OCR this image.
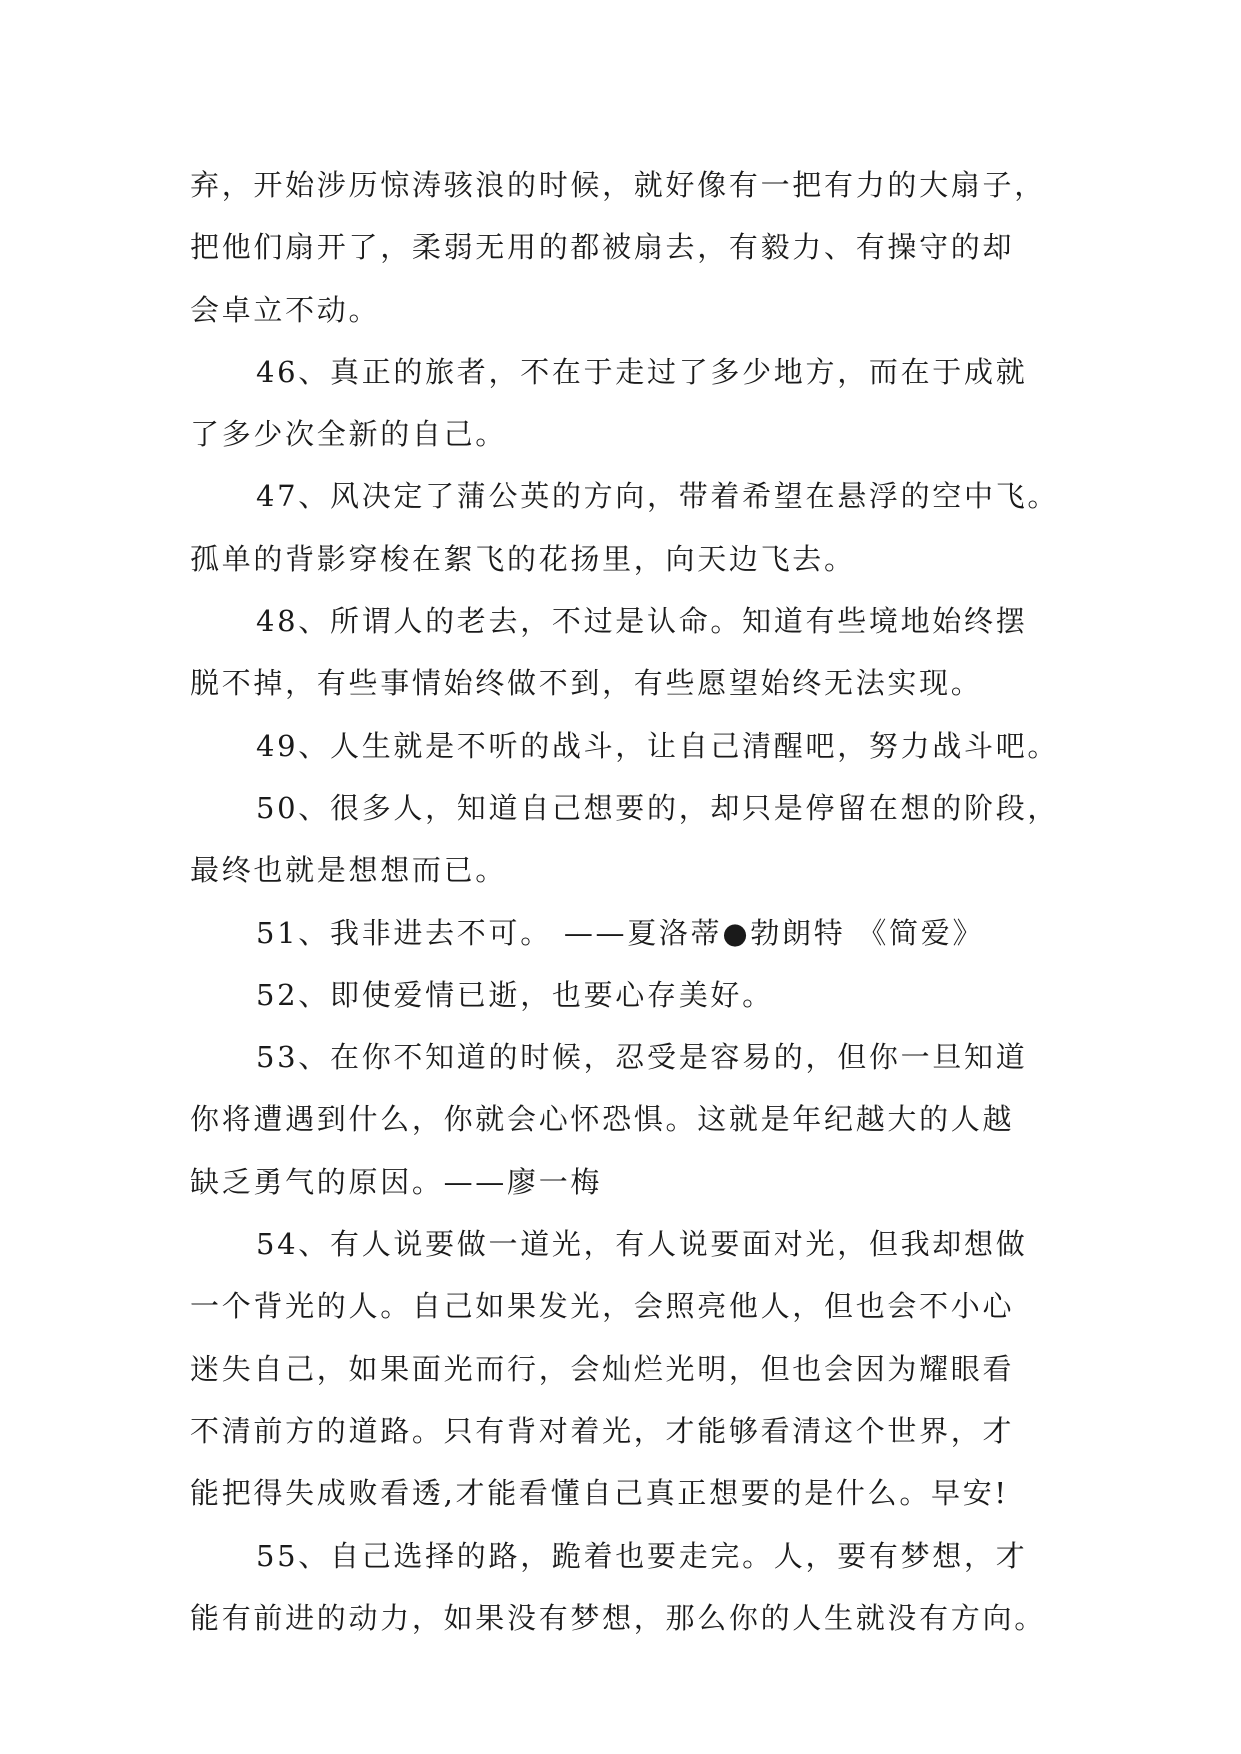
弃，开始涉历惊涛骇浪的时候，就好像有一把有力的大扇子，
把他们扇开了，柔弱无用的都被扇去，有毅力、有操守的却
会卓立不动。
46、真正的旅者，不在于走过了多少地方，而在于成就
了多少次全新的自己。
47、风决定了蒲公英的方向，带着希望在悬浮的空中飞。
孤单的背影穿梭在絮飞的花扬里，向天边飞去。
48、所谓人的老去，不过是认命。知道有些境地始终摆
脱不掉，有些事情始终做不到，有些愿望始终无法实现。
49、人生就是不听的战斗，让自己清醒吧，努力战斗吧。
50、很多人，知道自己想要的，却只是停留在想的阶段，
最终也就是想想而已。
51、我非进去不可。 ——夏洛蒂●勃朗特 《简爱》
52、即使爱情已逝，也要心存美好。
53、在你不知道的时候，忍受是容易的，但你一旦知道
你将遭遇到什么，你就会心怀恐惧。这就是年纪越大的人越
缺乏勇气的原因。——廖一梅
54、有人说要做一道光，有人说要面对光，但我却想做
一个背光的人。自己如果发光，会照亮他人，但也会不小心
迷失自己，如果面光而行，会灿烂光明，但也会因为耀眼看
不清前方的道路。只有背对着光，才能够看清这个世界，才
能把得失成败看透,才能看懂自己真正想要的是什么。早安!
55、自己选择的路，跪着也要走完。人，要有梦想，才
能有前进的动力，如果没有梦想，那么你的人生就没有方向。
